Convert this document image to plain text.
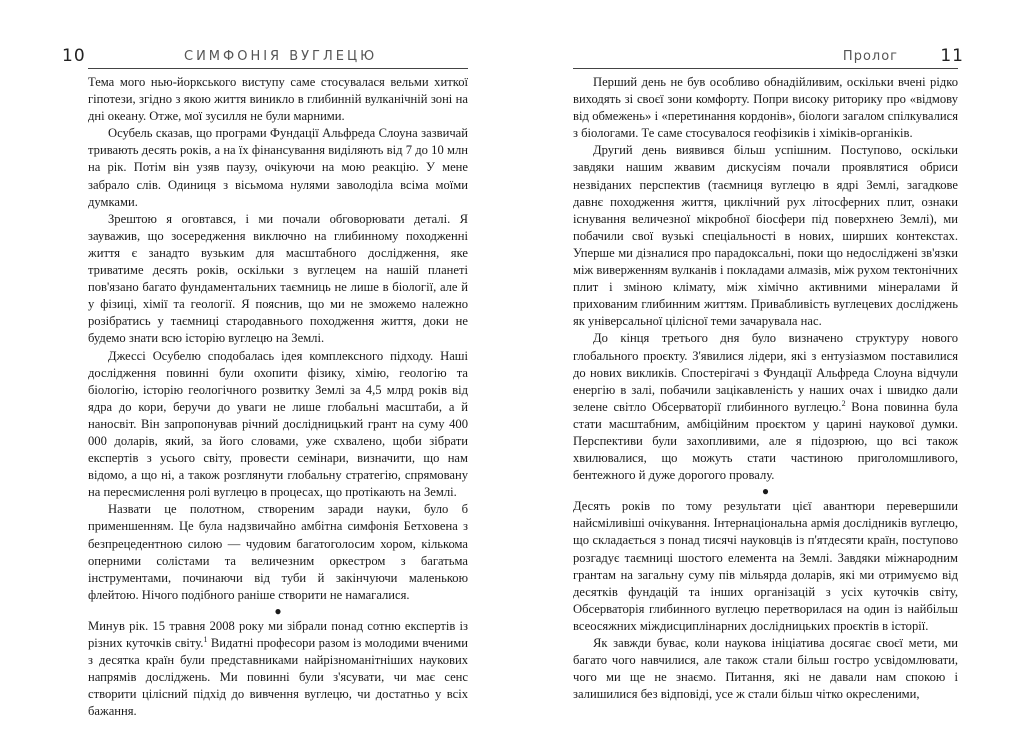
10	СИМФОНІЯ ВУГЛЕЦЮ

Тема мого нью-йоркського виступу саме стосувалася вельми хиткої гіпотези, згідно з якою життя виникло в глибинній вулканічній зоні на дні океану. Отже, мої зусилля не були марними.

Осубель сказав, що програми Фундації Альфреда Слоуна зазвичай тривають десять років, а на їх фінансування виділяють від 7 до 10 млн на рік. Потім він узяв паузу, очікуючи на мою реакцію. У мене забрало слів. Одиниця з вісьмома нулями заволоділа всіма моїми думками.

Зрештою я оговтався, і ми почали обговорювати деталі. Я зауважив, що зосередження виключно на глибинному походженні життя є занадто вузьким для масштабного дослідження, яке триватиме десять років, оскільки з вуглецем на нашій планеті пов'язано багато фундаментальних таємниць не лише в біології, але й у фізиці, хімії та геології. Я пояснив, що ми не зможемо належно розібратись у таємниці стародавнього походження життя, доки не будемо знати всю історію вуглецю на Землі.

Джессі Осубелю сподобалась ідея комплексного підходу. Наші дослідження повинні були охопити фізику, хімію, геологію та біологію, історію геологічного розвитку Землі за 4,5 млрд років від ядра до кори, беручи до уваги не лише глобальні масштаби, а й наносвіт. Він запропонував річний дослідницький грант на суму 400 000 доларів, який, за його словами, уже схвалено, щоби зібрати експертів з усього світу, провести семінари, визначити, що нам відомо, а що ні, а також розглянути глобальну стратегію, спрямовану на пересмислення ролі вуглецю в процесах, що протікають на Землі.

Назвати це полотном, створеним заради науки, було б применшенням. Це була надзвичайно амбітна симфонія Бетховена з безпрецедентною силою — чудовим багатоголосим хором, кількома оперними солістами та величезним оркестром з багатьма інструментами, починаючи від туби й закінчуючи маленькою флейтою. Нічого подібного раніше створити не намагалися.

●

Минув рік. 15 травня 2008 року ми зібрали понад сотню експертів із різних куточків світу.$^1$ Видатні професори разом із молодими вченими з десятка країн були представниками найрізноманітніших наукових напрямів досліджень. Ми повинні були з'ясувати, чи має сенс створити цілісний підхід до вивчення вуглецю, чи достатньо у всіх бажання.

Пролог 11

Перший день не був особливо обнадійливим, оскільки вчені рідко виходять зі своєї зони комфорту. Попри високу риторику про «відмову від обмежень» і «перетинання кордонів», біологи загалом спілкувалися з біологами. Те саме стосувалося геофізиків і хіміків-органіків.

Другий день виявився більш успішним. Поступово, оскільки завдяки нашим жвавим дискусіям почали проявлятися обриси незвіданих перспектив (таємниця вуглецю в ядрі Землі, загадкове давнє походження життя, циклічний рух літосферних плит, ознаки існування величезної мікробної біосфери під поверхнею Землі), ми побачили свої вузькі спеціальності в нових, ширших контекстах. Уперше ми дізналися про парадоксальні, поки що недосліджені зв'язки між виверженням вулканів і покладами алмазів, між рухом тектонічних плит і зміною клімату, між хімічно активними мінералами й прихованим глибинним життям. Привабливість вуглецевих досліджень як універсальної цілісної теми зачарувала нас.

До кінця третього дня було визначено структуру нового глобального проєкту. З'явилися лідери, які з ентузіазмом поставилися до нових викликів. Спостерігачі з Фундації Альфреда Слоуна відчули енергію в залі, побачили зацікавленість у наших очах і швидко дали зелене світло Обсерваторії глибинного вуглецю.$^2$ Вона повинна була стати масштабним, амбіційним проєктом у царині наукової думки. Перспективи були захопливими, але я підозрюю, що всі також хвилювалися, що можуть стати частиною приголомшливого, бентежного й дуже дорогого провалу.

●

Десять років по тому результати цієї авантюри перевершили найсміливіші очікування. Інтернаціональна армія дослідників вуглецю, що складається з понад тисячі науковців із п'ятдесяти країн, поступово розгадує таємниці шостого елемента на Землі. Завдяки міжнародним грантам на загальну суму пів мільярда доларів, які ми отримуємо від десятків фундацій та інших організацій з усіх куточків світу, Обсерваторія глибинного вуглецю перетворилася на один із найбільш всеосяжних міждисциплінарних дослідницьких проєктів в історії.

Як завжди буває, коли наукова ініціатива досягає своєї мети, ми багато чого навчилися, але також стали більш гостро усвідомлювати, чого ми ще не знаємо. Питання, які не давали нам спокою і залишилися без відповіді, усе ж стали більш чітко окресленими,
